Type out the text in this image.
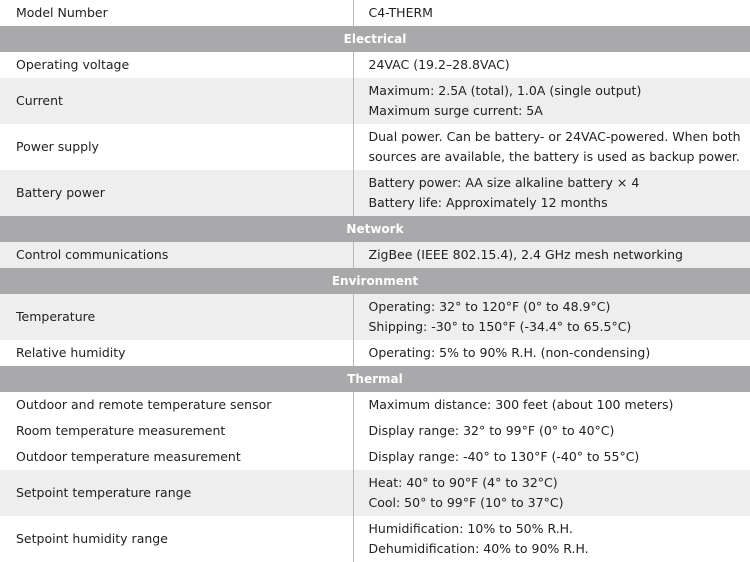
Model Number	C4-THERM

Electrical	
Operating voltage	24VAC (19.2–28.8VAC)

Current	Maximum: 2.5A (total), 1.0A (single output)
Maximum surge current: 5A

Power supply	Dual power. Can be battery- or 24VAC-powered. When both
sources are available, the battery is used as backup power.

Battery power	Battery power: AA size alkaline battery × 4
Battery life: Approximately 12 months

Network	
Control communications	ZigBee (IEEE 802.15.4), 2.4 GHz mesh networking

Environment	
Temperature	Operating: 32° to 120°F (0° to 48.9°C)
Shipping: -30° to 150°F (-34.4° to 65.5°C)

Relative humidity	Operating: 5% to 90% R.H. (non-condensing)

Thermal	
Outdoor and remote temperature sensor	Maximum distance: 300 feet (about 100 meters)

Room temperature measurement	Display range: 32° to 99°F (0° to 40°C)

Outdoor temperature measurement	Display range: -40° to 130°F (-40° to 55°C)

Setpoint temperature range	Heat: 40° to 90°F (4° to 32°C)
Cool: 50° to 99°F (10° to 37°C)

Setpoint humidity range	Humidification: 10% to 50% R.H.
Dehumidification: 40% to 90% R.H.
